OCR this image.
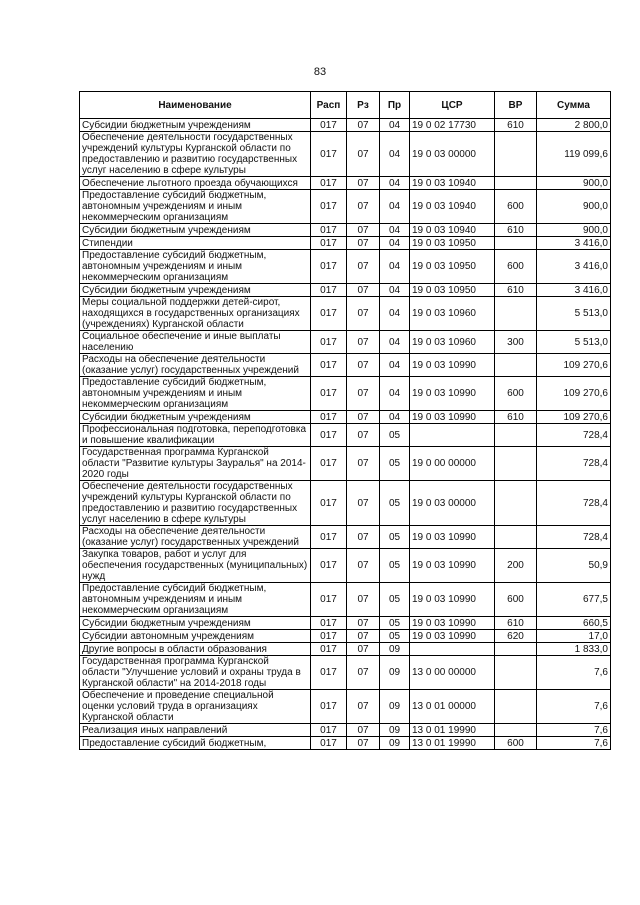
83
Наименование	Расп	Рз	Пр	ЦСР	ВР	Сумма
Субсидии бюджетным учреждениям	017	07	04	19 0 02 17730	610	2 800,0
Обеспечение деятельности государственных учреждений культуры Курганской области по предоставлению и развитию государственных услуг населению в сфере культуры	017	07	04	19 0 03 00000		119 099,6
Обеспечение льготного проезда обучающихся	017	07	04	19 0 03 10940		900,0
Предоставление субсидий бюджетным, автономным учреждениям и иным некоммерческим организациям	017	07	04	19 0 03 10940	600	900,0
Субсидии бюджетным учреждениям	017	07	04	19 0 03 10940	610	900,0
Стипендии	017	07	04	19 0 03 10950		3 416,0
Предоставление субсидий бюджетным, автономным учреждениям и иным некоммерческим организациям	017	07	04	19 0 03 10950	600	3 416,0
Субсидии бюджетным учреждениям	017	07	04	19 0 03 10950	610	3 416,0
Меры социальной поддержки детей-сирот, находящихся в государственных организациях (учреждениях) Курганской области	017	07	04	19 0 03 10960		5 513,0
Социальное обеспечение и иные выплаты населению	017	07	04	19 0 03 10960	300	5 513,0
Расходы на обеспечение деятельности (оказание услуг) государственных учреждений	017	07	04	19 0 03 10990		109 270,6
Предоставление субсидий бюджетным, автономным учреждениям и иным некоммерческим организациям	017	07	04	19 0 03 10990	600	109 270,6
Субсидии бюджетным учреждениям	017	07	04	19 0 03 10990	610	109 270,6
Профессиональная подготовка, переподготовка и повышение квалификации	017	07	05			728,4
Государственная программа Курганской области "Развитие культуры Зауралья" на 2014-2020 годы	017	07	05	19 0 00 00000		728,4
Обеспечение деятельности государственных учреждений культуры Курганской области по предоставлению и развитию государственных услуг населению в сфере культуры	017	07	05	19 0 03 00000		728,4
Расходы на обеспечение деятельности (оказание услуг) государственных учреждений	017	07	05	19 0 03 10990		728,4
Закупка товаров, работ и услуг для обеспечения государственных (муниципальных) нужд	017	07	05	19 0 03 10990	200	50,9
Предоставление субсидий бюджетным, автономным учреждениям и иным некоммерческим организациям	017	07	05	19 0 03 10990	600	677,5
Субсидии бюджетным учреждениям	017	07	05	19 0 03 10990	610	660,5
Субсидии автономным учреждениям	017	07	05	19 0 03 10990	620	17,0
Другие вопросы в области образования	017	07	09			1 833,0
Государственная программа Курганской области "Улучшение условий и охраны труда в Курганской области" на 2014-2018 годы	017	07	09	13 0 00 00000		7,6
Обеспечение и проведение специальной оценки условий труда в организациях Курганской области	017	07	09	13 0 01 00000		7,6
Реализация иных направлений	017	07	09	13 0 01 19990		7,6
Предоставление субсидий бюджетным,	017	07	09	13 0 01 19990	600	7,6
